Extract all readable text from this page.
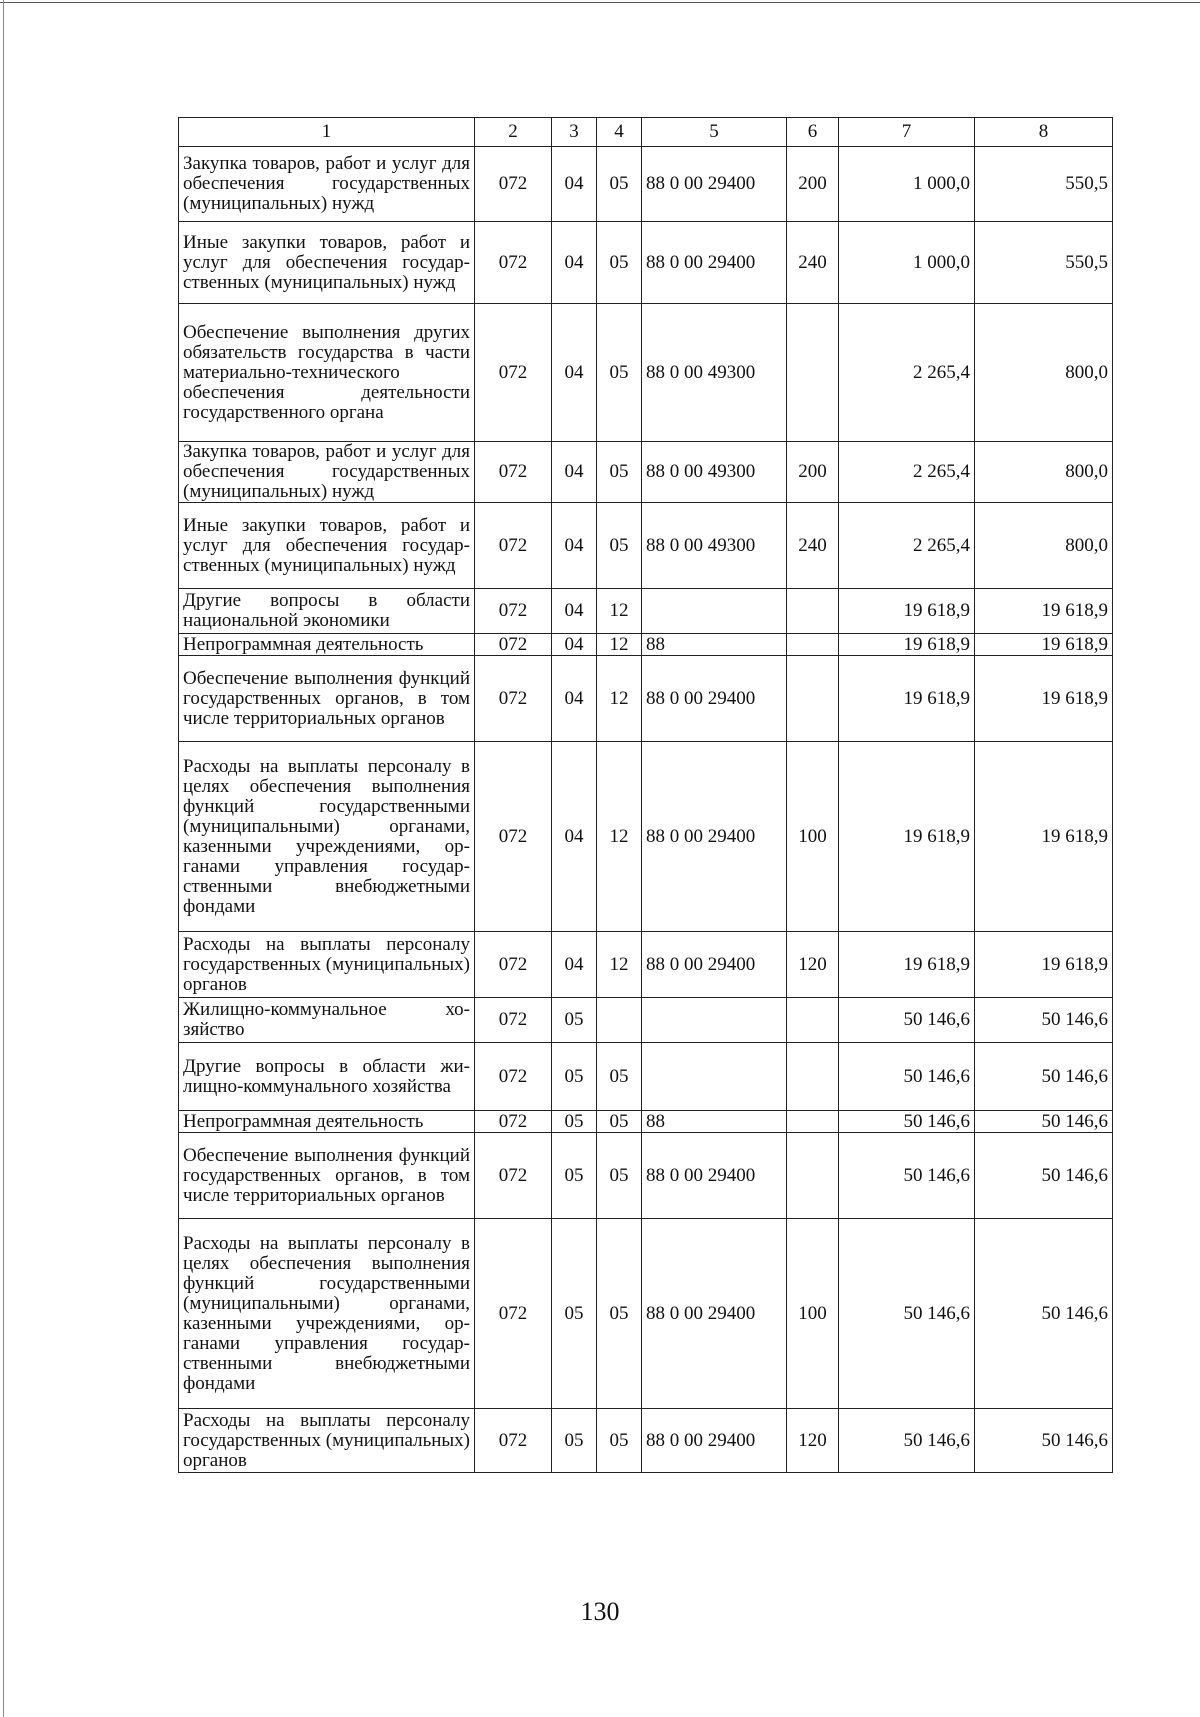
1	2	3	4	5	6	7	8
Закупка товаров, работ и услуг для обеспечения государственных (муниципальных) нужд	072	04	05	88 0 00 29400	200	1 000,0	550,5
Иные закупки товаров, работ и услуг для обеспечения государственных (муниципальных) нужд	072	04	05	88 0 00 29400	240	1 000,0	550,5
Обеспечение выполнения других обязательств государства в части материально-технического обеспечения деятельности государственного органа	072	04	05	88 0 00 49300		2 265,4	800,0
Закупка товаров, работ и услуг для обеспечения государственных (муниципальных) нужд	072	04	05	88 0 00 49300	200	2 265,4	800,0
Иные закупки товаров, работ и услуг для обеспечения государственных (муниципальных) нужд	072	04	05	88 0 00 49300	240	2 265,4	800,0
Другие вопросы в области национальной экономики	072	04	12			19 618,9	19 618,9
Непрограммная деятельность	072	04	12	88		19 618,9	19 618,9
Обеспечение выполнения функций государственных органов, в том числе территориальных органов	072	04	12	88 0 00 29400		19 618,9	19 618,9
Расходы на выплаты персоналу в целях обеспечения выполнения функций государственными (муниципальными) органами, казенными учреждениями, органами управления государственными внебюджетными фондами	072	04	12	88 0 00 29400	100	19 618,9	19 618,9
Расходы на выплаты персоналу государственных (муниципальных) органов	072	04	12	88 0 00 29400	120	19 618,9	19 618,9
Жилищно-коммунальное хозяйство	072	05				50 146,6	50 146,6
Другие вопросы в области жилищно-коммунального хозяйства	072	05	05			50 146,6	50 146,6
Непрограммная деятельность	072	05	05	88		50 146,6	50 146,6
Обеспечение выполнения функций государственных органов, в том числе территориальных органов	072	05	05	88 0 00 29400		50 146,6	50 146,6
Расходы на выплаты персоналу в целях обеспечения выполнения функций государственными (муниципальными) органами, казенными учреждениями, органами управления государственными внебюджетными фондами	072	05	05	88 0 00 29400	100	50 146,6	50 146,6
Расходы на выплаты персоналу государственных (муниципальных) органов	072	05	05	88 0 00 29400	120	50 146,6	50 146,6
130
